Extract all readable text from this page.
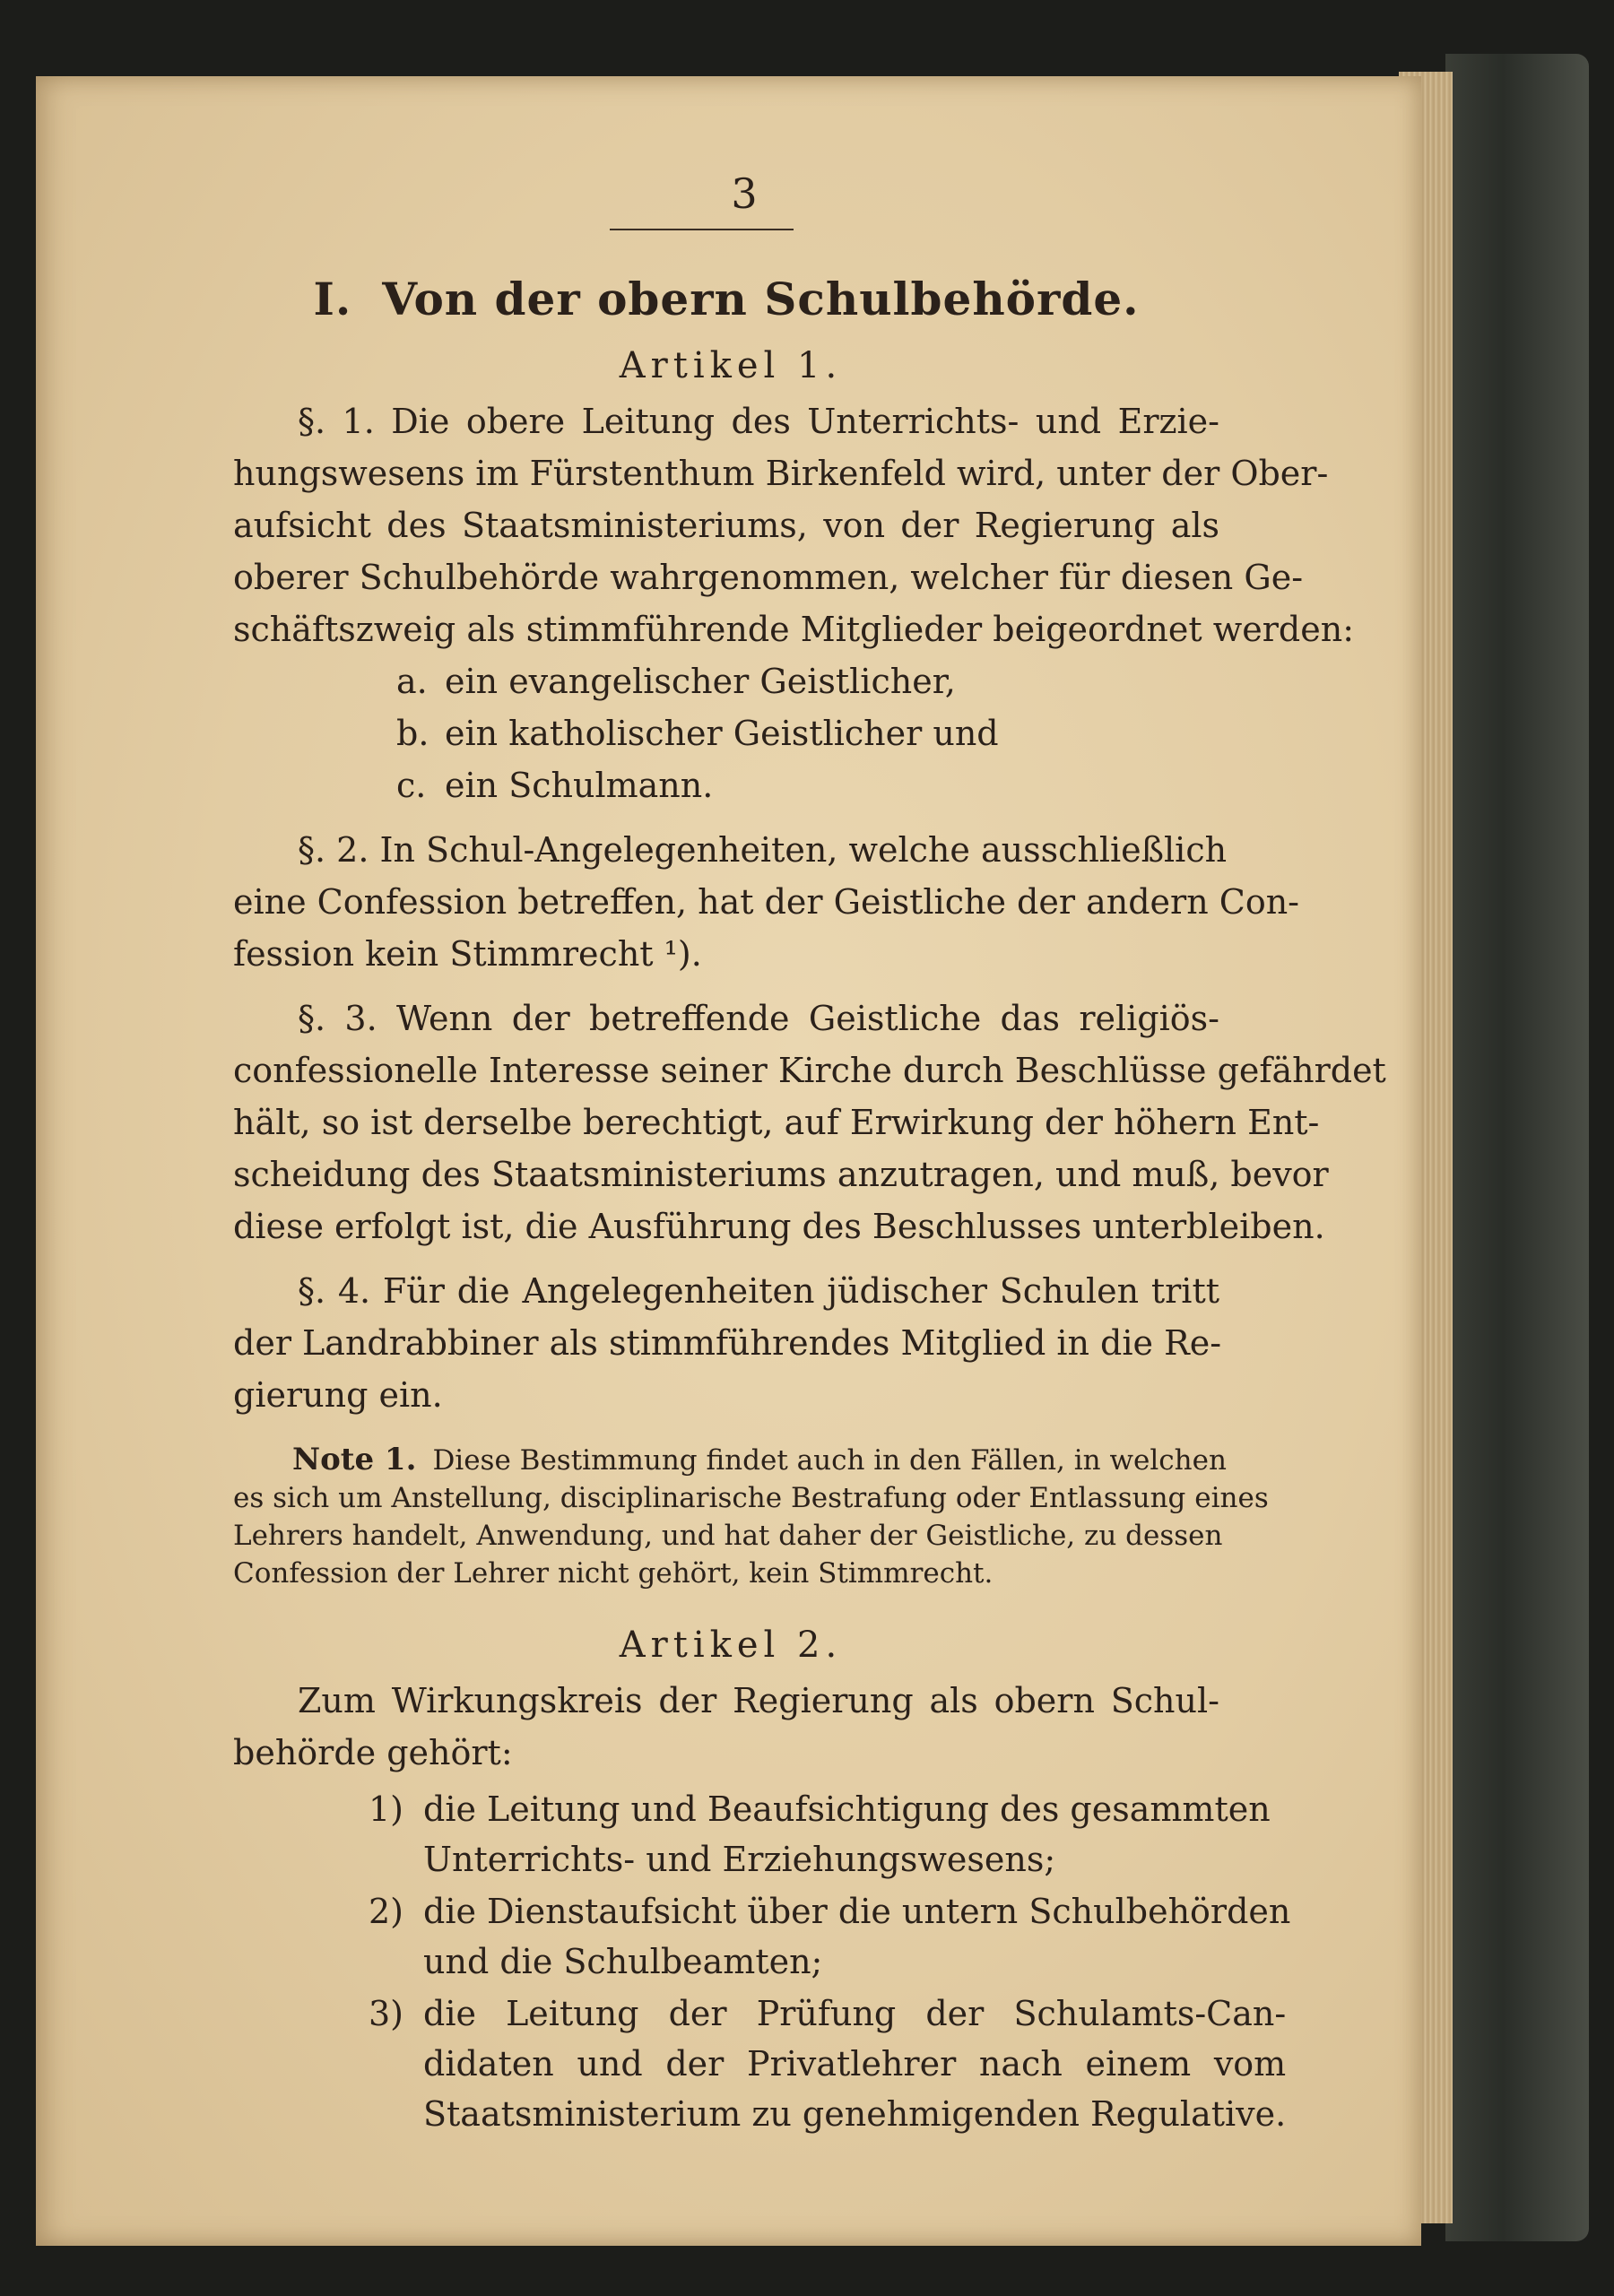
3
I. Von der obern Schulbehörde.
Artikel 1.
§. 1. Die obere Leitung des Unterrichts- und Erzie-
hungswesens im Fürstenthum Birkenfeld wird, unter der Ober-
aufsicht des Staatsministeriums, von der Regierung als
oberer Schulbehörde wahrgenommen, welcher für diesen Ge-
schäftszweig als stimmführende Mitglieder beigeordnet werden:
a. ein evangelischer Geistlicher,
b. ein katholischer Geistlicher und
c. ein Schulmann.
§. 2. In Schul-Angelegenheiten, welche ausschließlich
eine Confession betreffen, hat der Geistliche der andern Con-
fession kein Stimmrecht ¹).
§. 3. Wenn der betreffende Geistliche das religiös-
confessionelle Interesse seiner Kirche durch Beschlüsse gefährdet
hält, so ist derselbe berechtigt, auf Erwirkung der höhern Ent-
scheidung des Staatsministeriums anzutragen, und muß, bevor
diese erfolgt ist, die Ausführung des Beschlusses unterbleiben.
§. 4. Für die Angelegenheiten jüdischer Schulen tritt
der Landrabbiner als stimmführendes Mitglied in die Re-
gierung ein.
Note 1. Diese Bestimmung findet auch in den Fällen, in welchen
es sich um Anstellung, disciplinarische Bestrafung oder Entlassung eines
Lehrers handelt, Anwendung, und hat daher der Geistliche, zu dessen
Confession der Lehrer nicht gehört, kein Stimmrecht.
Artikel 2.
Zum Wirkungskreis der Regierung als obern Schul-
behörde gehört:
1) die Leitung und Beaufsichtigung des gesammten
Unterrichts- und Erziehungswesens;
2) die Dienstaufsicht über die untern Schulbehörden
und die Schulbeamten;
3) die Leitung der Prüfung der Schulamts-Can-
didaten und der Privatlehrer nach einem vom
Staatsministerium zu genehmigenden Regulative.
